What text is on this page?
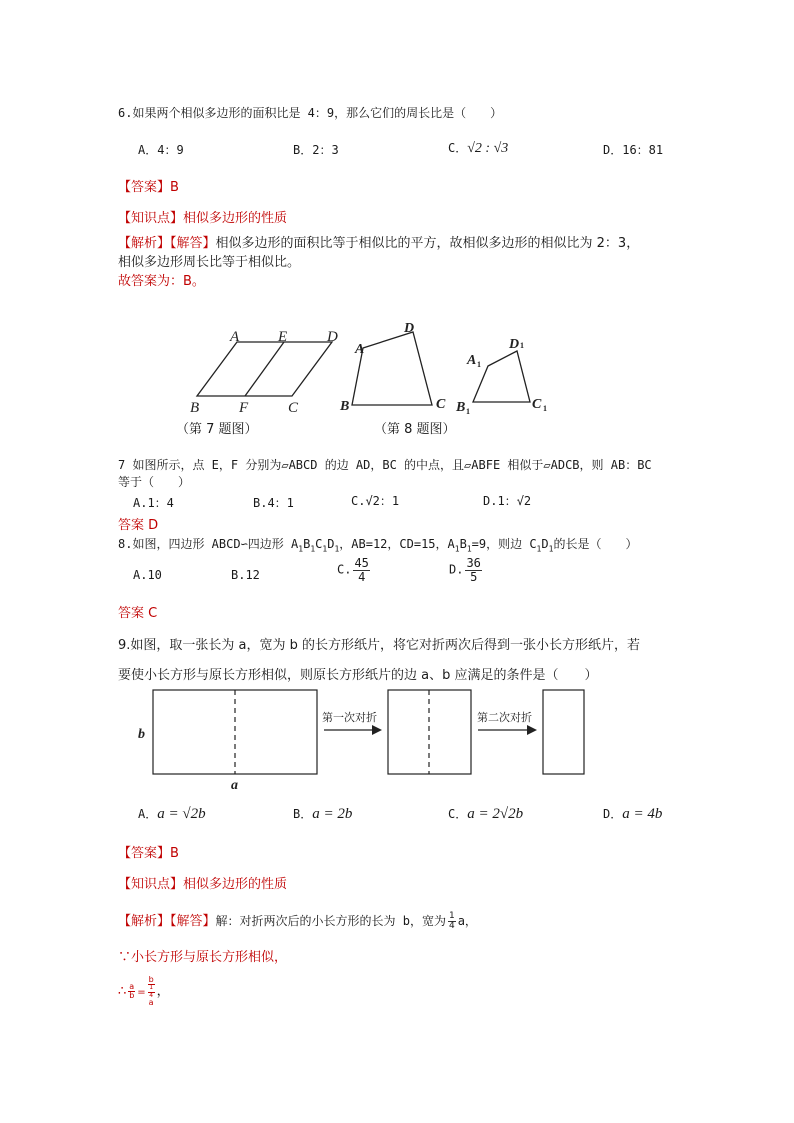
6.如果两个相似多边形的面积比是 4：9，那么它们的周长比是（　　）
A．4：9	B．2：3	C．√2 : √3	D．16：81
【答案】B
【知识点】相似多边形的性质
【解析】【解答】相似多边形的面积比等于相似比的平方，故相似多边形的相似比为 2：3，
相似多边形周长比等于相似比。
故答案为：B。
A	E	D
B	F	C
（第 7 题图）
A
D
B	C
A 1
D 1
B 1	C 1
（第 8 题图）
7 如图所示，点 E，F 分别为▱ABCD 的边 AD，BC 的中点，且▱ABFE 相似于▱ADCB，则 AB：BC
等于（　　）
A.1：4	B.4：1	C.√2：1	D.1：√2
答案 D
8.如图，四边形 ABCD∽四边形 $A_1B_1C_1D_1$，AB=12，CD=15，$A_1B_1=9$，则边 $C_1D_1$的长是（　　）
A.10	B.12	C. $\frac{45}{4}$	D. $\frac{36}{5}$
答案 C
9.如图，取一张长为 a，宽为 b 的长方形纸片，将它对折两次后得到一张小长方形纸片，若
要使小长方形与原长方形相似，则原长方形纸片的边 a、b 应满足的条件是（　　）
b
a
第一次对折	第二次对折
A．a = √2b	B．a = 2b	C．a = 2√2b	D．a = 4b
【答案】B
【知识点】相似多边形的性质
【解析】【解答】解：对折两次后的小长方形的长为 b，宽为 $\frac{1}{4}$ a，
∵小长方形与原长方形相似，
∴ $\frac{a}{b} = b$
1
4
a ，
